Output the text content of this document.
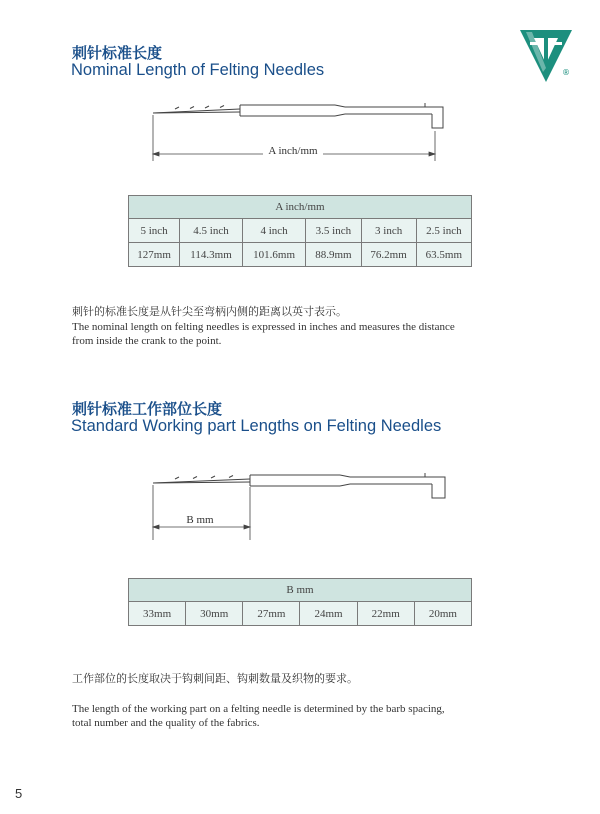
®
刺针标准长度
Nominal Length of Felting Needles
A inch/mm
A inch/mm					
5 inch	4.5 inch	4 inch	3.5 inch	3 inch	2.5 inch
127mm	114.3mm	101.6mm	88.9mm	76.2mm	63.5mm
刺针的标准长度是从针尖至弯柄内侧的距离以英寸表示。
The nominal length on felting needles is expressed in inches and measures the distance
from inside the crank to the point.
刺针标准工作部位长度
Standard Working part Lengths on Felting Needles
B mm
B mm
33mm	30mm	27mm	24mm	22mm	20mm
工作部位的长度取决于钩刺间距、钩刺数量及织物的要求。
The length of the working part on a felting needle is determined by the barb spacing,
total number and the quality of the fabrics.
5
